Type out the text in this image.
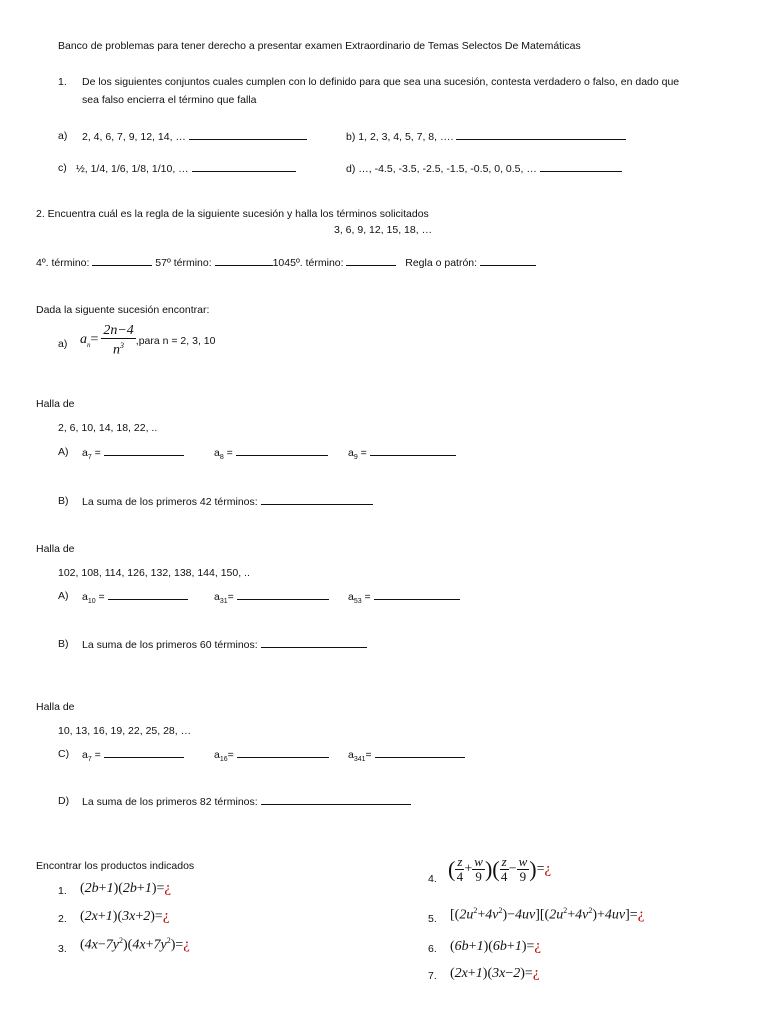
Banco de problemas para tener derecho a presentar examen Extraordinario de Temas Selectos De Matemáticas
1. De los siguientes conjuntos cuales cumplen con lo definido para que sea una sucesión, contesta verdadero o falso, en dado que
sea falso encierra el término que falla
a) 2, 4, 6, 7, 9, 12, 14, …	b) 1, 2, 3, 4, 5, 7, 8, ….
c) ½, 1/4, 1/6, 1/8, 1/10, …	d) …, -4.5, -3.5, -2.5, -1.5, -0.5, 0, 0.5, …
2. Encuentra cuál es la regla de la siguiente sucesión y halla los términos solicitados
3, 6, 9, 12, 15, 18, …
4º. término:	57º término:	1045º. término:	Regla o patrón:
Dada la siguente sucesión encontrar:
a) $a_n= \frac{2n-4}{n^3}$ ,para n = 2, 3, 10
Halla de
2, 6, 10, 14, 18, 22, ..
A) $a_7$ =	$a_8$ =	$a_9$ =
B) La suma de los primeros 42 términos:
Halla de
102, 108, 114, 126, 132, 138, 144, 150, ..
A) $a_{10}$ =	$a_{31}=$	$a_{53}$ =
B) La suma de los primeros 60 términos:
Halla de
10, 13, 16, 19, 22, 25, 28, …
C) $a_7$ =	$a_{16}=$	$a_{341}=$
D) La suma de los primeros 82 términos:
Encontrar los productos indicados
1. (2b+1)(2b+1)=¿
2. (2x+1)(3x+2)=¿
3. $(4x-7y^2)(4x+7y^2)=¿$
4. ( $\frac{z}{4} + \frac{w}{9}$ )( $\frac{z}{4} - \frac{w}{9}$ )=¿
5. $[(2u^2+4v^2)-4uv][(2u^2+4v^2)+4uv]=¿$
6. (6b+1)(6b+1)=¿
7. (2x+1)(3x−2)=¿
